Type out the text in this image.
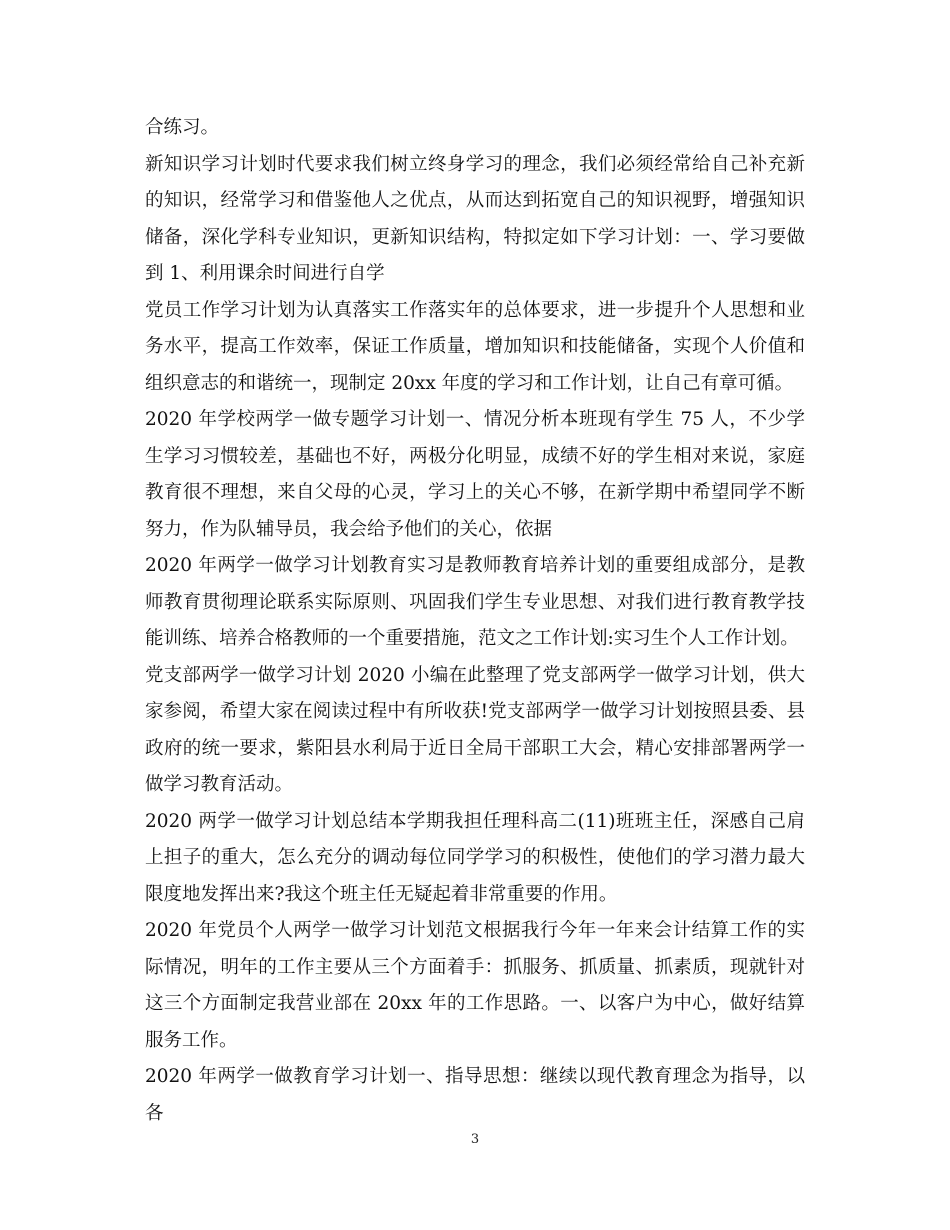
合练习。

新知识学习计划时代要求我们树立终身学习的理念，我们必须经常给自己补充新的知识，经常学习和借鉴他人之优点，从而达到拓宽自己的知识视野，增强知识储备，深化学科专业知识，更新知识结构，特拟定如下学习计划：一、学习要做到 1、利用课余时间进行自学

党员工作学习计划为认真落实工作落实年的总体要求，进一步提升个人思想和业务水平，提高工作效率，保证工作质量，增加知识和技能储备，实现个人价值和组织意志的和谐统一，现制定 20xx 年度的学习和工作计划，让自己有章可循。

2020 年学校两学一做专题学习计划一、情况分析本班现有学生 75 人，不少学生学习习惯较差，基础也不好，两极分化明显，成绩不好的学生相对来说，家庭教育很不理想，来自父母的心灵，学习上的关心不够，在新学期中希望同学不断努力，作为队辅导员，我会给予他们的关心，依据

2020 年两学一做学习计划教育实习是教师教育培养计划的重要组成部分，是教师教育贯彻理论联系实际原则、巩固我们学生专业思想、对我们进行教育教学技能训练、培养合格教师的一个重要措施，范文之工作计划:实习生个人工作计划。

党支部两学一做学习计划 2020 小编在此整理了党支部两学一做学习计划，供大家参阅，希望大家在阅读过程中有所收获!党支部两学一做学习计划按照县委、县政府的统一要求，紫阳县水利局于近日全局干部职工大会，精心安排部署两学一做学习教育活动。

2020 两学一做学习计划总结本学期我担任理科高二(11)班班主任，深感自己肩上担子的重大，怎么充分的调动每位同学学习的积极性，使他们的学习潜力最大限度地发挥出来?我这个班主任无疑起着非常重要的作用。

2020 年党员个人两学一做学习计划范文根据我行今年一年来会计结算工作的实际情况，明年的工作主要从三个方面着手：抓服务、抓质量、抓素质，现就针对这三个方面制定我营业部在 20xx 年的工作思路。一、以客户为中心，做好结算服务工作。

2020 年两学一做教育学习计划一、指导思想：继续以现代教育理念为指导，以各

3
